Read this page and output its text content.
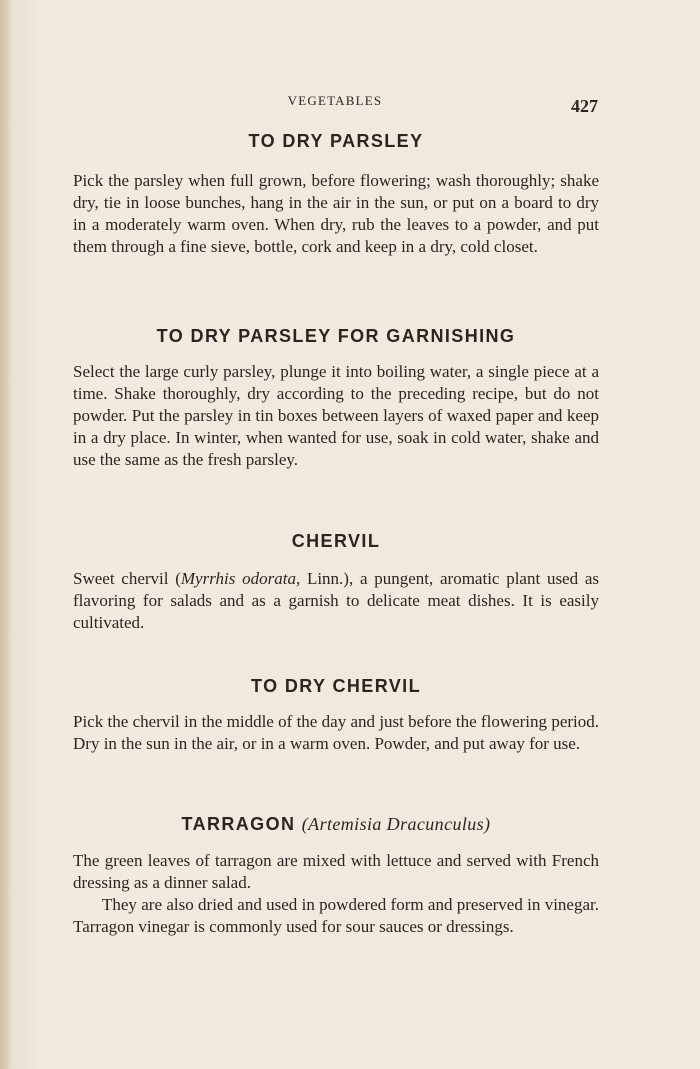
VEGETABLES	427
TO DRY PARSLEY

Pick the parsley when full grown, before flowering; wash thoroughly; shake dry, tie in loose bunches, hang in the air in the sun, or put on a board to dry in a moderately warm oven. When dry, rub the leaves to a powder, and put them through a fine sieve, bottle, cork and keep in a dry, cold closet.

TO DRY PARSLEY FOR GARNISHING

Select the large curly parsley, plunge it into boiling water, a single piece at a time. Shake thoroughly, dry according to the preceding recipe, but do not powder. Put the parsley in tin boxes between layers of waxed paper and keep in a dry place. In winter, when wanted for use, soak in cold water, shake and use the same as the fresh parsley.

CHERVIL

Sweet chervil (Myrrhis odorata, Linn.), a pungent, aromatic plant used as flavoring for salads and as a garnish to delicate meat dishes. It is easily cultivated.

TO DRY CHERVIL

Pick the chervil in the middle of the day and just before the flowering period. Dry in the sun in the air, or in a warm oven. Powder, and put away for use.

TARRAGON (Artemisia Dracunculus)

The green leaves of tarragon are mixed with lettuce and served with French dressing as a dinner salad.

They are also dried and used in powdered form and preserved in vinegar. Tarragon vinegar is commonly used for sour sauces or dressings.
